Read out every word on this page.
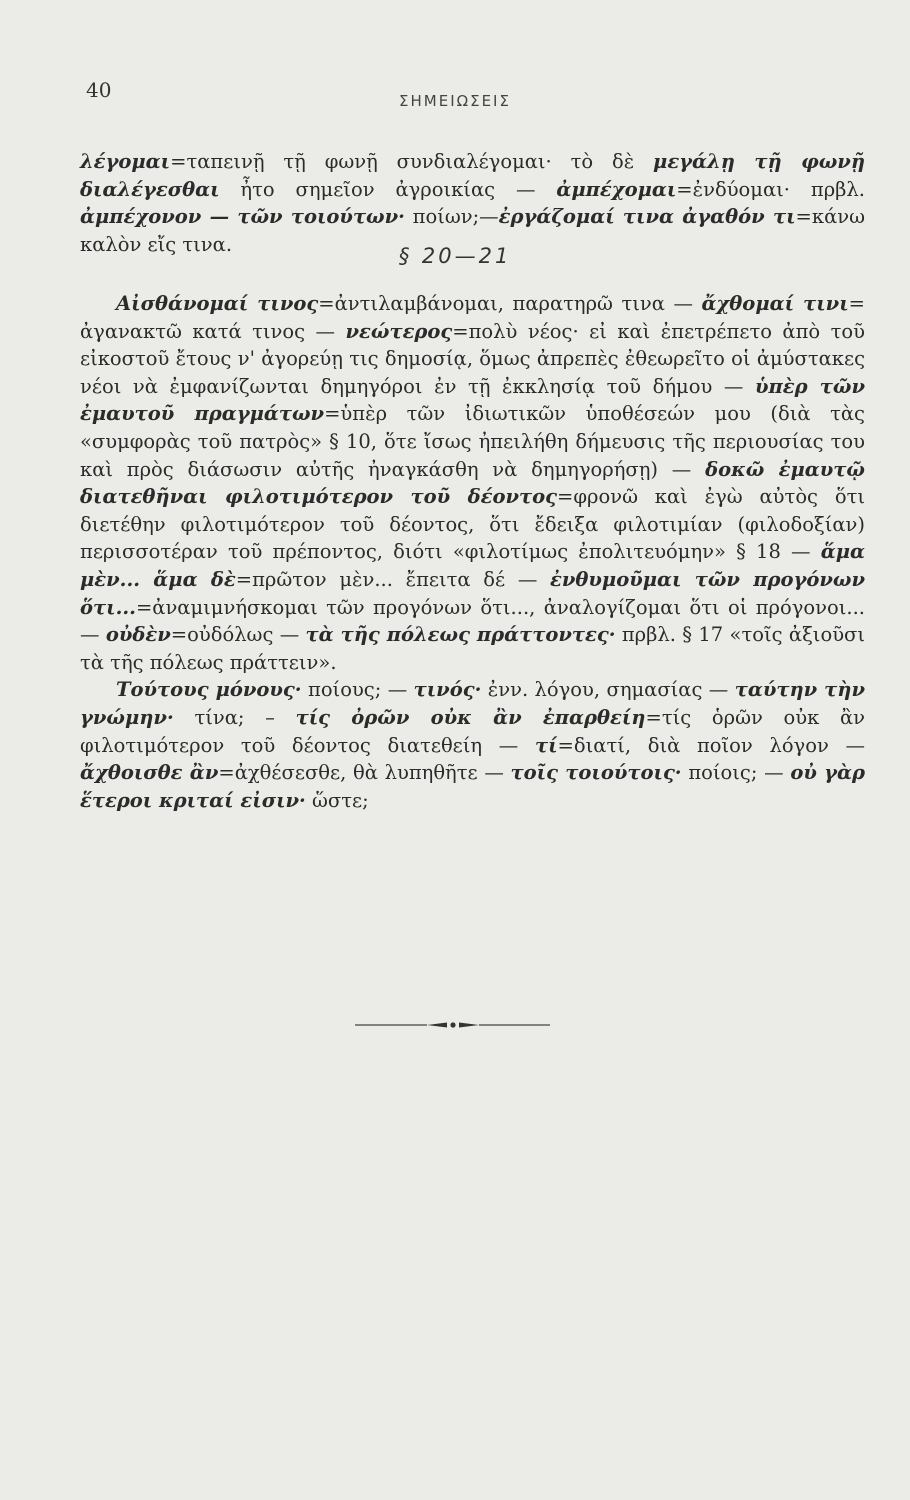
40	ΣΗΜΕΙΩΣΕΙΣ

λέγομαι=ταπεινῇ τῇ φωνῇ συνδιαλέγομαι· τὸ δὲ μεγάλῃ τῇ φωνῇ διαλέγεσθαι ἦτο σημεῖον ἀγροικίας — ἀμπέχομαι=ἐνδύομαι· πρβλ. ἀμπέχονον — τῶν τοιούτων· ποίων;—ἐργάζομαί τινα ἀγαθόν τι=κάνω καλὸν εἴς τινα.	§ 20—21

Αἰσθάνομαί τινος=ἀντιλαμβάνομαι, παρατηρῶ τινα — ἄχθομαί τινι= ἀγανακτῶ κατά τινος — νεώτερος=πολὺ νέος· εἰ καὶ ἐπετρέπετο ἀπὸ τοῦ εἰκοστοῦ ἔτους ν' ἀγορεύῃ τις δημοσίᾳ, ὅμως ἀπρεπὲς ἐθεωρεῖτο οἱ ἀμύστακες νέοι νὰ ἐμφανίζωνται δημηγόροι ἐν τῇ ἐκκλησίᾳ τοῦ δήμου — ὑπὲρ τῶν ἐμαυτοῦ πραγμάτων=ὑπὲρ τῶν ἰδιωτικῶν ὑποθέσεών μου (διὰ τὰς «συμφορὰς τοῦ πατρὸς» § 10, ὅτε ἴσως ἠπειλήθη δήμευσις τῆς περιουσίας του καὶ πρὸς διάσωσιν αὐτῆς ἠναγκάσθη νὰ δημηγορήσῃ) — δοκῶ ἐμαυτῷ διατεθῆναι φιλοτιμότερον τοῦ δέοντος=φρονῶ καὶ ἐγὼ αὐτὸς ὅτι διετέθην φιλοτιμότερον τοῦ δέοντος, ὅτι ἔδειξα φιλοτιμίαν (φιλοδοξίαν) περισσοτέραν τοῦ πρέποντος, διότι «φιλοτίμως ἐπολιτευόμην» § 18 — ἅμα μὲν... ἅμα δὲ=πρῶτον μὲν... ἔπειτα δέ — ἐνθυμοῦμαι τῶν προγόνων ὅτι...=ἀναμιμνήσκομαι τῶν προγόνων ὅτι..., ἀναλογίζομαι ὅτι οἱ πρόγονοι... — οὐδὲν=οὐδόλως — τὰ τῆς πόλεως πράττοντες· πρβλ. § 17 «τοῖς ἀξιοῦσι τὰ τῆς πόλεως πράττειν».

Τούτους μόνους· ποίους; — τινός· ἐνν. λόγου, σημασίας — ταύτην τὴν γνώμην· τίνα; – τίς ὀρῶν οὐκ ἂν ἐπαρθείη=τίς ὁρῶν οὐκ ἂν φιλοτιμότερον τοῦ δέοντος διατεθείη — τί=διατί, διὰ ποῖον λόγον — ἄχθοισθε ἂν=ἀχθέσεσθε, θὰ λυπηθῆτε — τοῖς τοιούτοις· ποίοις; — οὐ γὰρ ἕτεροι κριταί εἰσιν· ὥστε;
